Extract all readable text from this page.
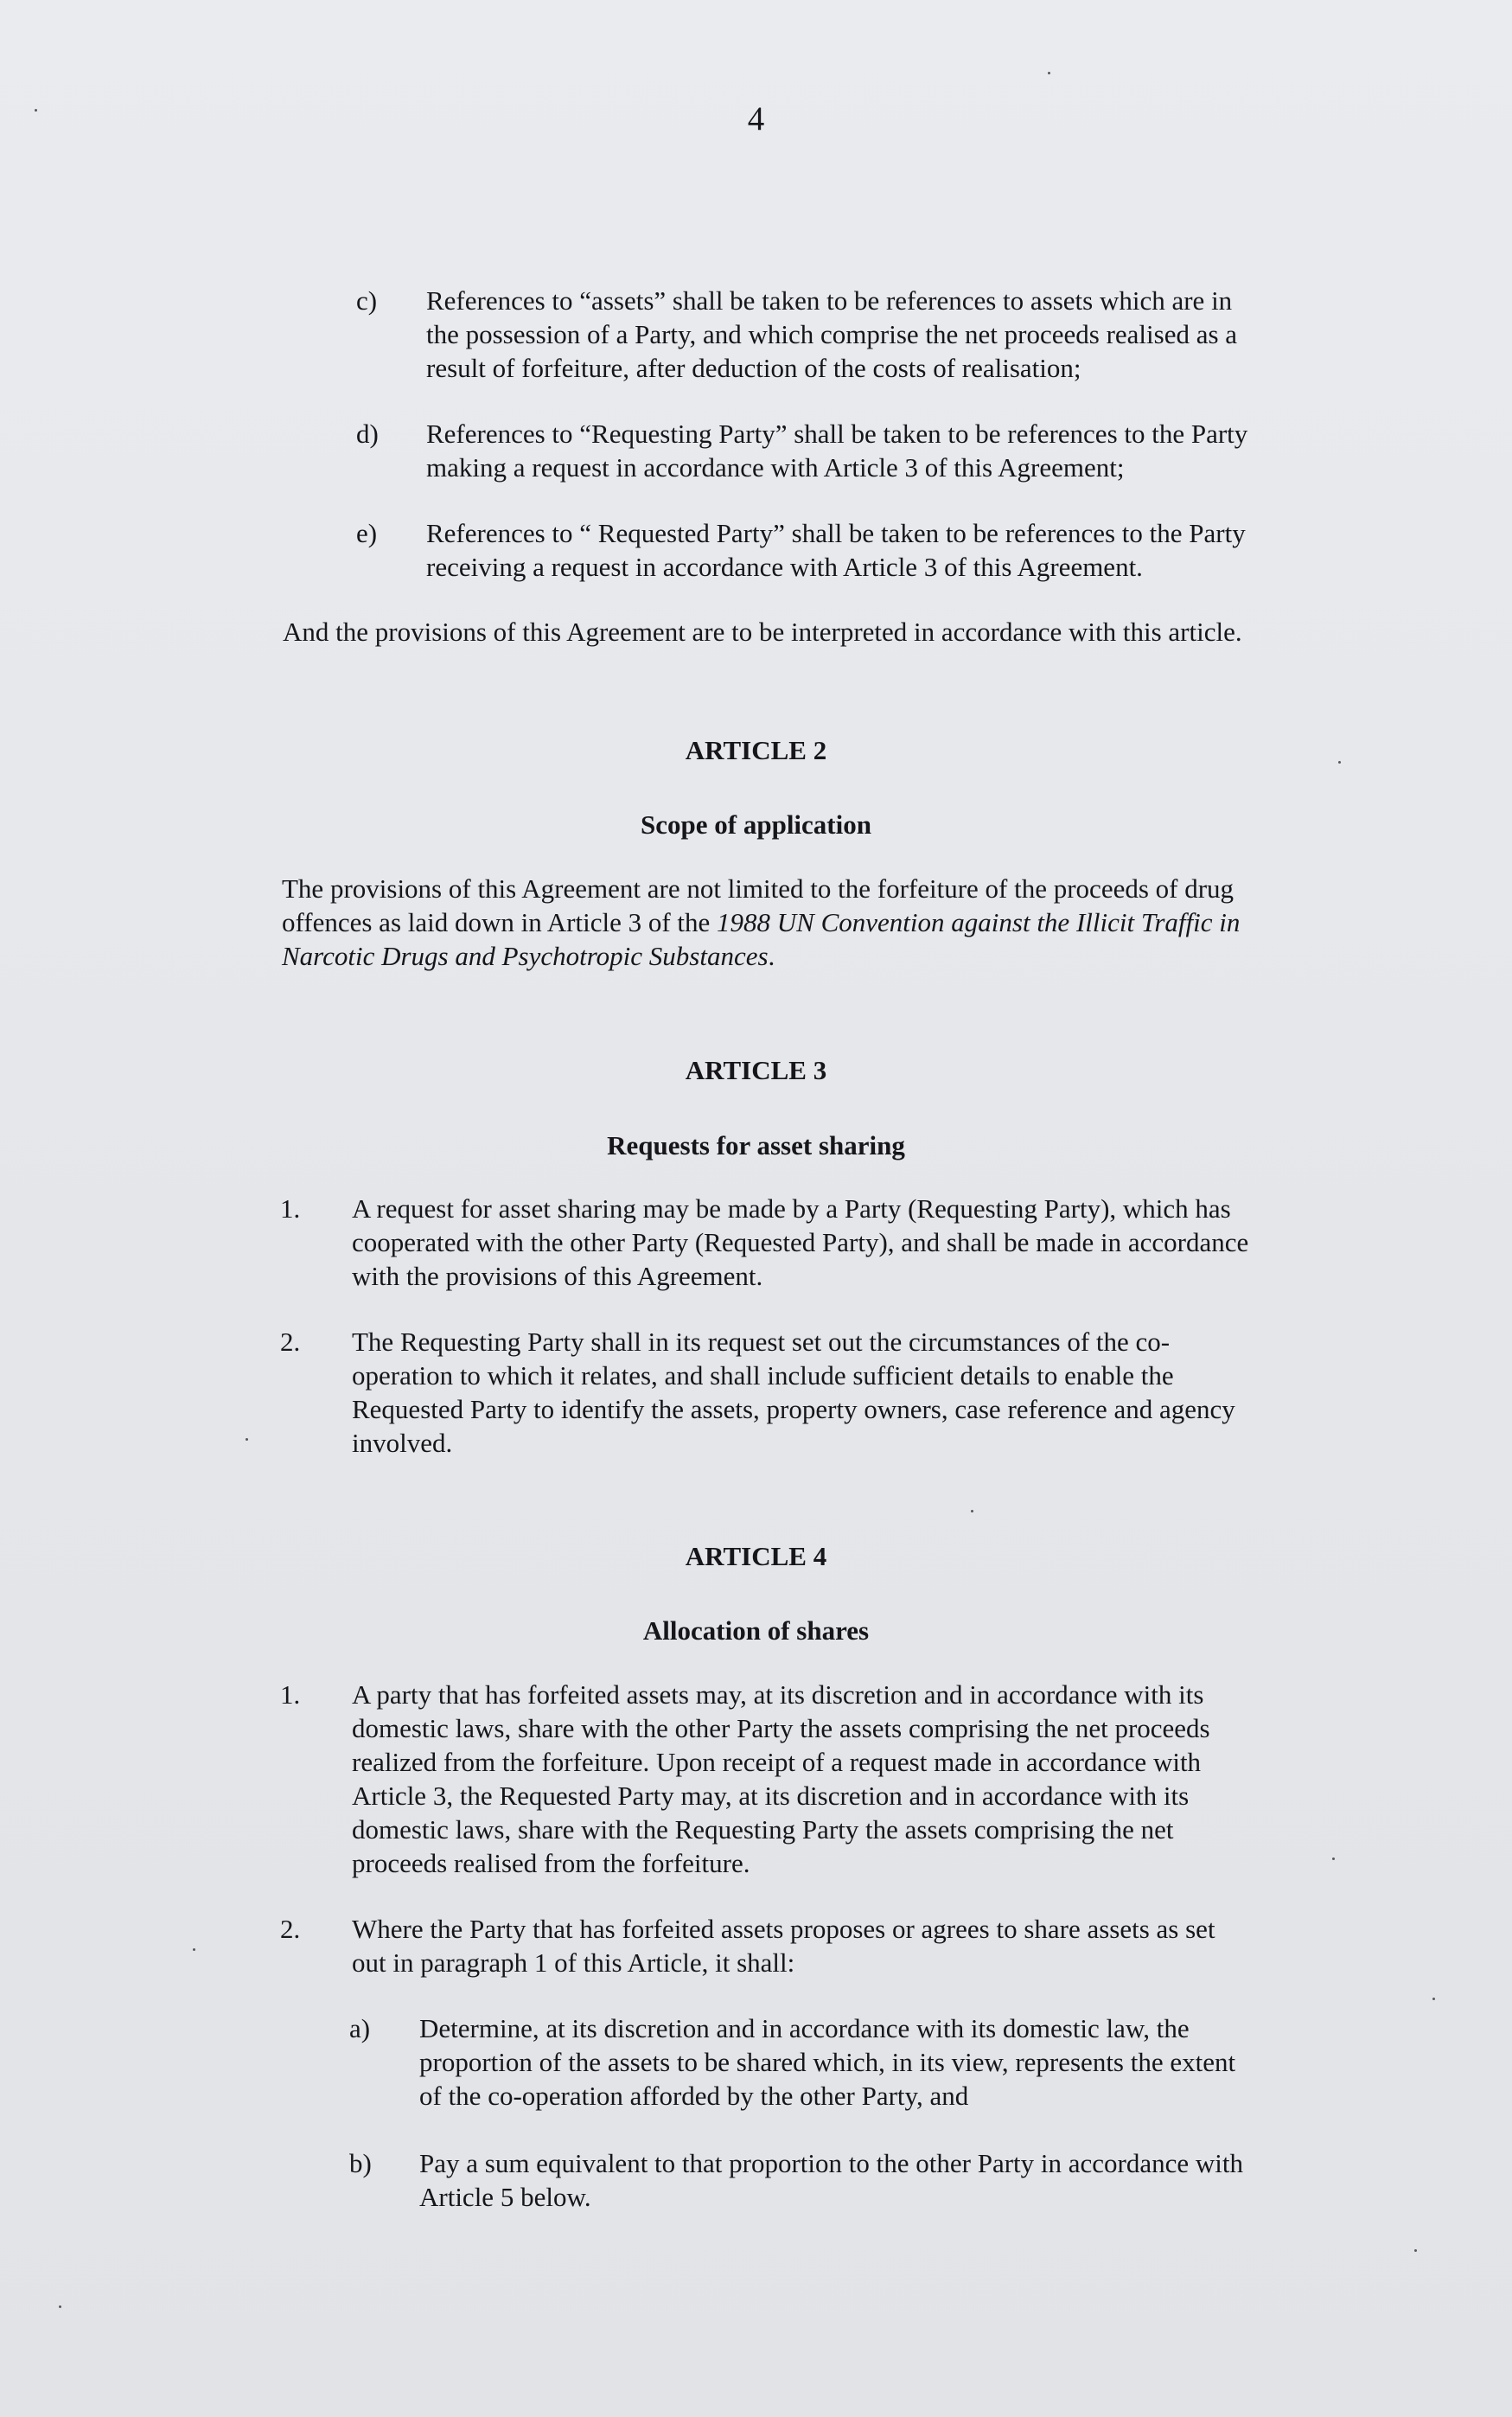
4
c) References to “assets” shall be taken to be references to assets which are in
the possession of a Party, and which comprise the net proceeds realised as a
result of forfeiture, after deduction of the costs of realisation;
d) References to “Requesting Party” shall be taken to be references to the Party
making a request in accordance with Article 3 of this Agreement;
e) References to “ Requested Party” shall be taken to be references to the Party
receiving a request in accordance with Article 3 of this Agreement.
And the provisions of this Agreement are to be interpreted in accordance with this article.
ARTICLE 2
Scope of application
The provisions of this Agreement are not limited to the forfeiture of the proceeds of drug
offences as laid down in Article 3 of the 1988 UN Convention against the Illicit Traffic in
Narcotic Drugs and Psychotropic Substances.
ARTICLE 3
Requests for asset sharing
1. A request for asset sharing may be made by a Party (Requesting Party), which has
cooperated with the other Party (Requested Party), and shall be made in accordance
with the provisions of this Agreement.
2. The Requesting Party shall in its request set out the circumstances of the co-
operation to which it relates, and shall include sufficient details to enable the
Requested Party to identify the assets, property owners, case reference and agency
involved.
ARTICLE 4
Allocation of shares
1. A party that has forfeited assets may, at its discretion and in accordance with its
domestic laws, share with the other Party the assets comprising the net proceeds
realized from the forfeiture. Upon receipt of a request made in accordance with
Article 3, the Requested Party may, at its discretion and in accordance with its
domestic laws, share with the Requesting Party the assets comprising the net
proceeds realised from the forfeiture.
2. Where the Party that has forfeited assets proposes or agrees to share assets as set
out in paragraph 1 of this Article, it shall:
a) Determine, at its discretion and in accordance with its domestic law, the
proportion of the assets to be shared which, in its view, represents the extent
of the co-operation afforded by the other Party, and
b) Pay a sum equivalent to that proportion to the other Party in accordance with
Article 5 below.
